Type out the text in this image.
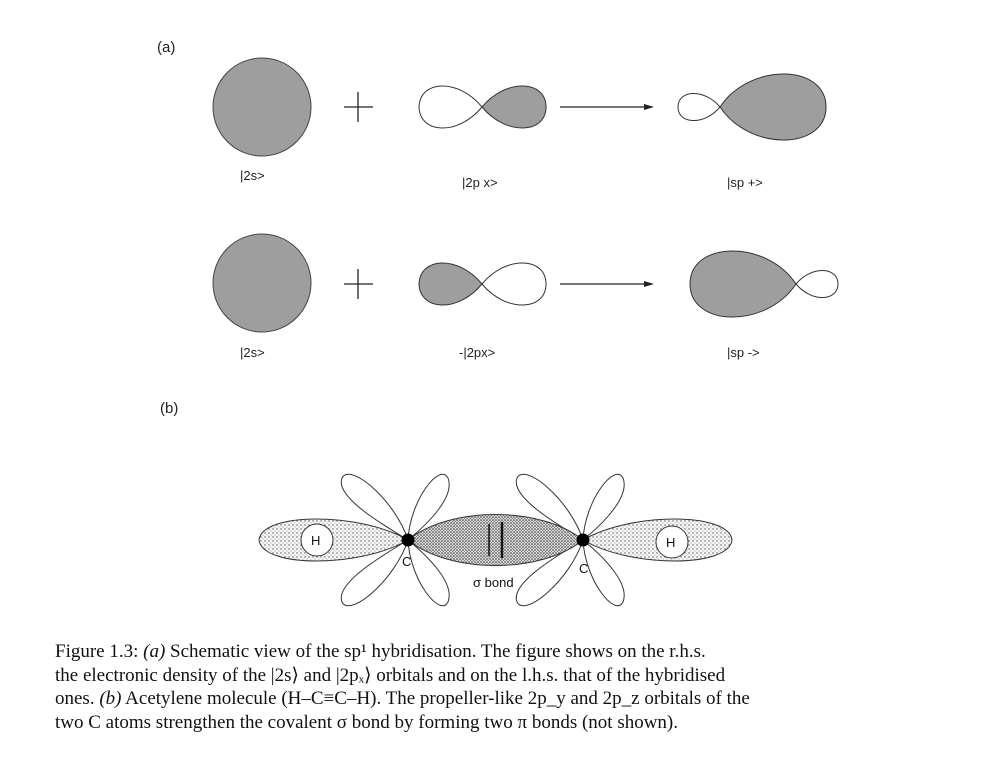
(a)
|2s>	|2p x>	|sp +>
|2s>	-|2px>	|sp ->
(b)
H	H
C	C
σ bond

Figure 1.3: (a) Schematic view of the sp¹ hybridisation. The figure shows on the r.h.s.

the electronic density of the |2s⟩ and |2pₓ⟩ orbitals and on the l.h.s. that of the hybridised

ones. (b) Acetylene molecule (H–C≡C–H). The propeller-like 2p_y and 2p_z orbitals of the

two C atoms strengthen the covalent σ bond by forming two π bonds (not shown).
